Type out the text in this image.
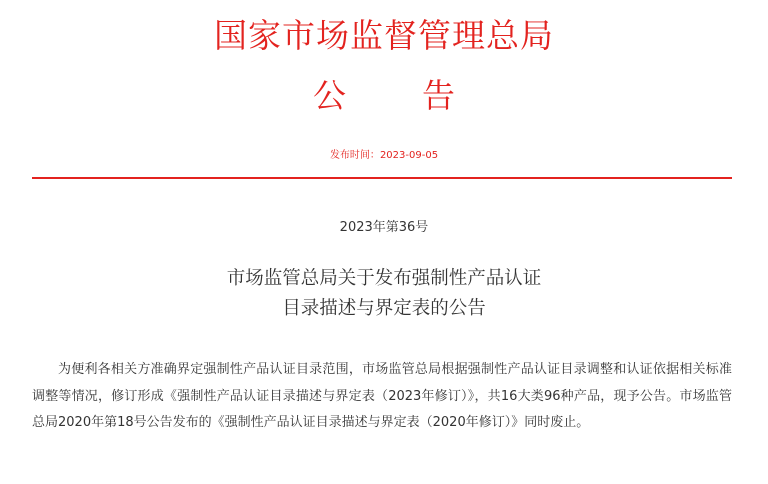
国家市场监督管理总局
公告
发布时间：2023-09-05
2023年第36号
市场监管总局关于发布强制性产品认证
目录描述与界定表的公告

为便利各相关方准确界定强制性产品认证目录范围，市场监管总局根据强制性产品认证目录调整和认证依据相关标准调整等情况，修订形成《强制性产品认证目录描述与界定表（2023年修订）》，共16大类96种产品，现予公告。市场监管总局2020年第18号公告发布的《强制性产品认证目录描述与界定表（2020年修订）》同时废止。
